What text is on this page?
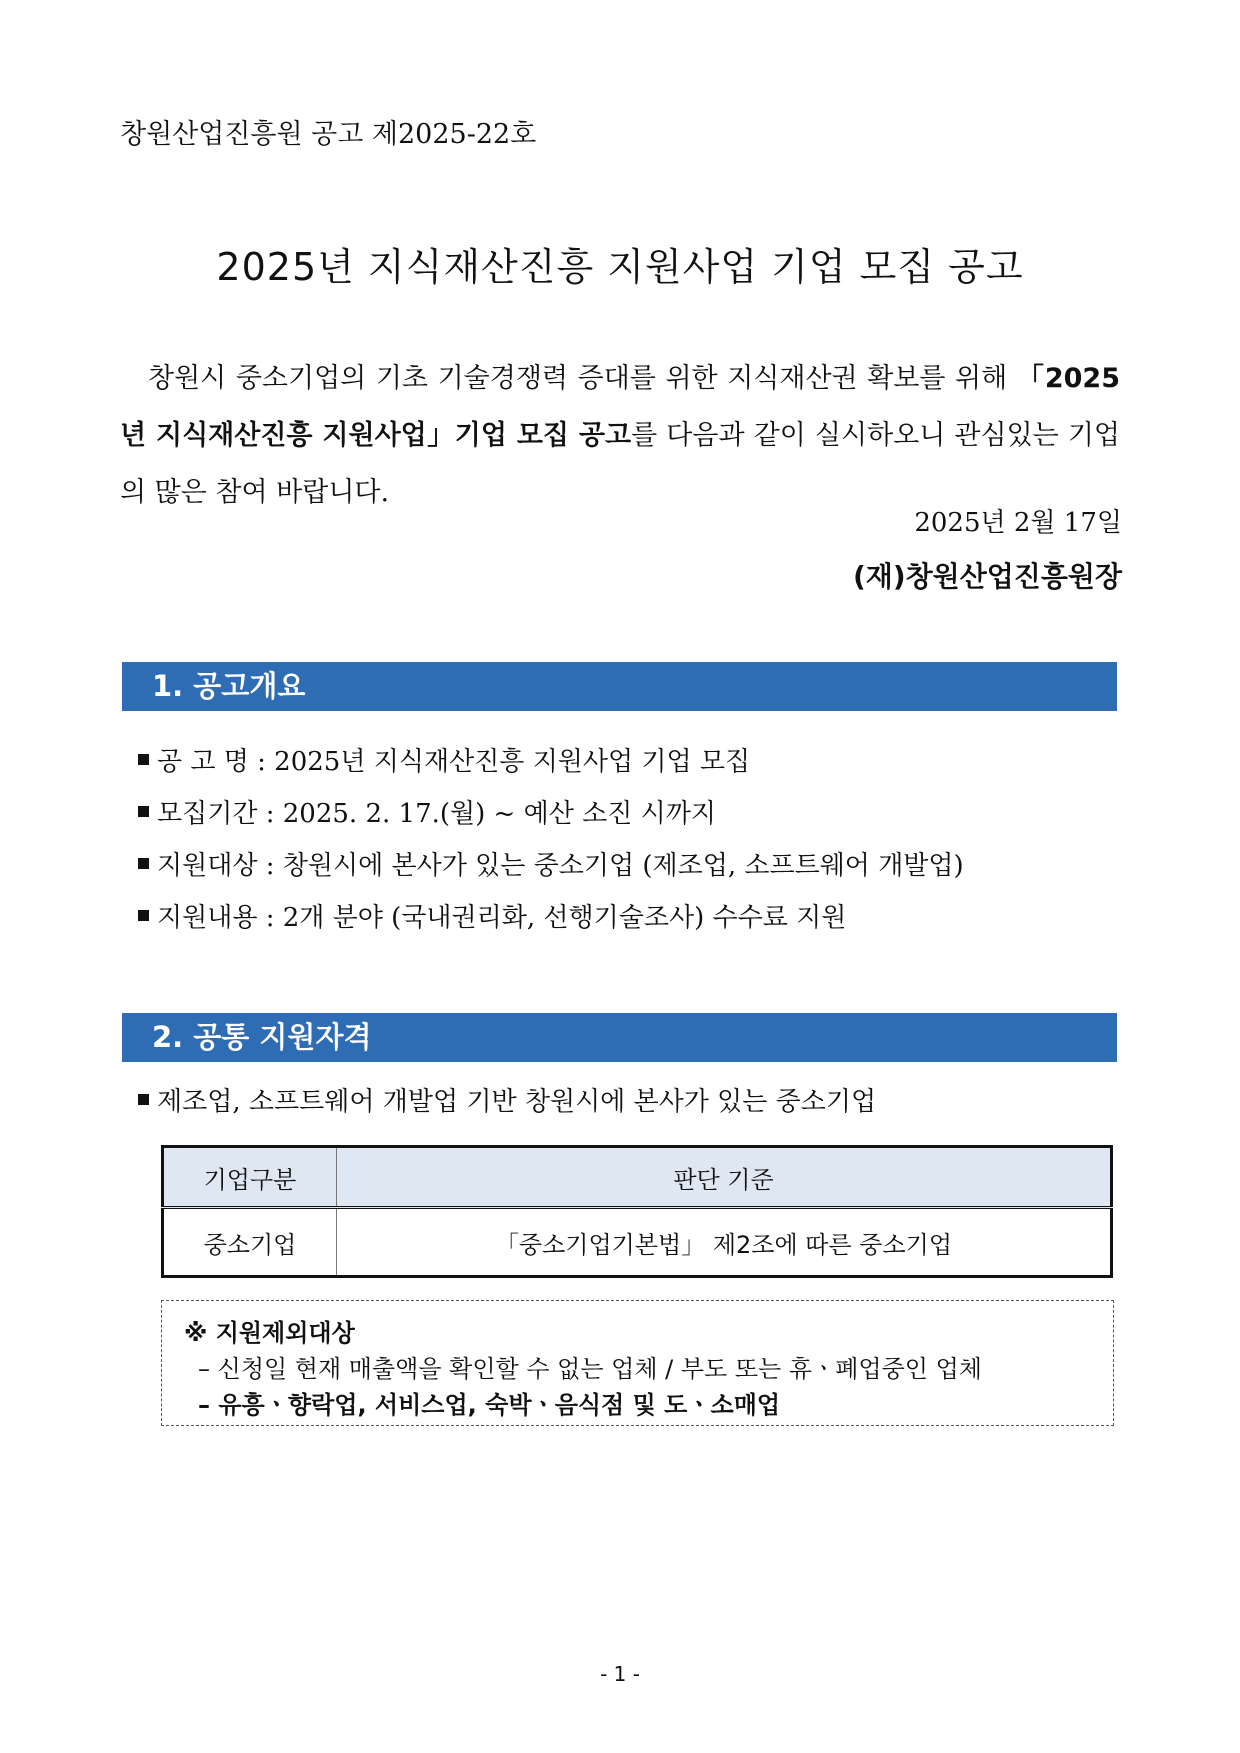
창원산업진흥원 공고 제2025-22호
2025년 지식재산진흥 지원사업 기업 모집 공고
창원시 중소기업의 기초 기술경쟁력 증대를 위한 지식재산권 확보를 위해 「2025년 지식재산진흥 지원사업」기업 모집 공고를 다음과 같이 실시하오니 관심있는 기업의 많은 참여 바랍니다.
2025년 2월 17일
(재)창원산업진흥원장
1. 공고개요
공 고 명 : 2025년 지식재산진흥 지원사업 기업 모집
모집기간 : 2025. 2. 17.(월) ~ 예산 소진 시까지
지원대상 : 창원시에 본사가 있는 중소기업 (제조업, 소프트웨어 개발업)
지원내용 : 2개 분야 (국내권리화, 선행기술조사) 수수료 지원
2. 공통 지원자격
제조업, 소프트웨어 개발업 기반 창원시에 본사가 있는 중소기업
기업구분	판단 기준
중소기업	「중소기업기본법」 제2조에 따른 중소기업
※ 지원제외대상
– 신청일 현재 매출액을 확인할 수 없는 업체 / 부도 또는 휴ㆍ폐업중인 업체
– 유흥ㆍ향락업, 서비스업, 숙박ㆍ음식점 및 도ㆍ소매업
- 1 -
